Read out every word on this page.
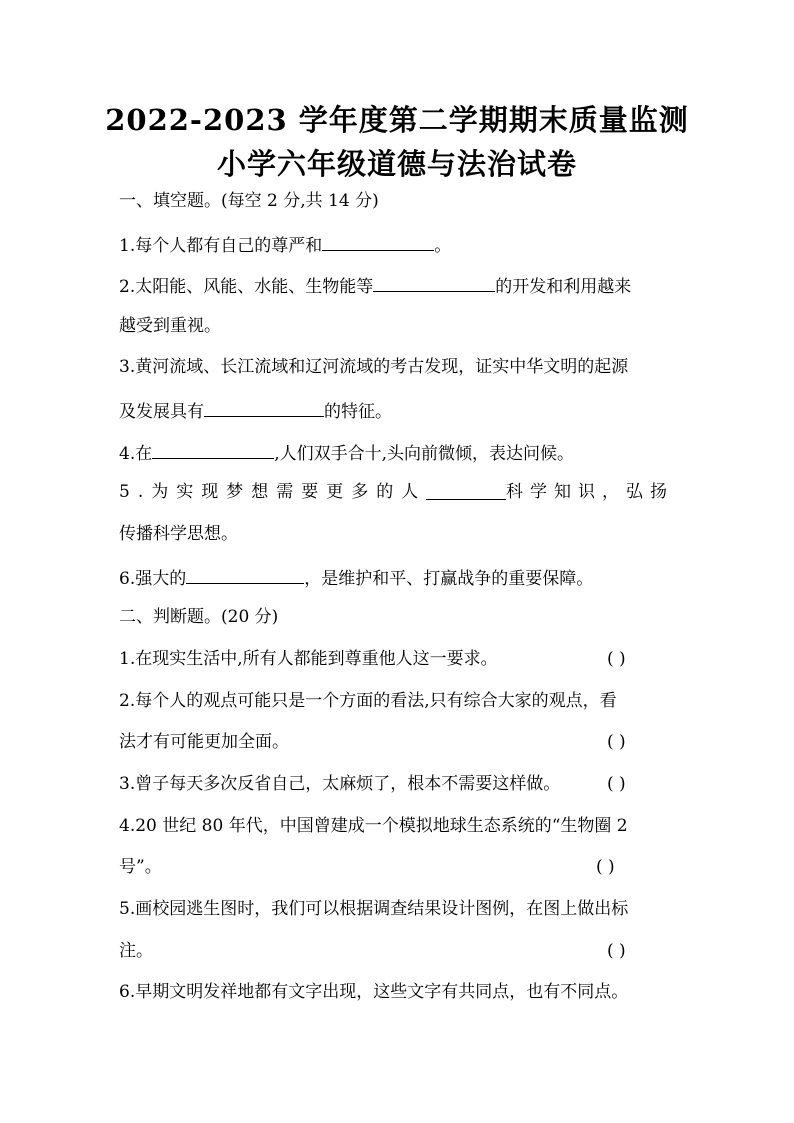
2022-2023 学年度第二学期期末质量监测
小学六年级道德与法治试卷
一、填空题。(每空 2 分,共 14 分)
1.每个人都有自己的尊严和	。
2.太阳能、风能、水能、生物能等	的开发和利用越来
越受到重视。
3.黄河流域、长江流域和辽河流域的考古发现，证实中华文明的起源
及发展具有	的特征。
4.在	,人们双手合十,头向前微倾，表达问候。
5.为实现梦想需要更多的人	科学知识，弘扬
传播科学思想。
6.强大的	，是维护和平、打赢战争的重要保障。
二、判断题。(20 分)
1.在现实生活中,所有人都能到尊重他人这一要求。	( )
2.每个人的观点可能只是一个方面的看法,只有综合大家的观点，看
法才有可能更加全面。	( )
3.曾子每天多次反省自己，太麻烦了，根本不需要这样做。	( )
4.20 世纪 80 年代，中国曾建成一个模拟地球生态系统的“生物圈 2
号”。	( )
5.画校园逃生图时，我们可以根据调查结果设计图例，在图上做出标
注。	( )
6.早期文明发祥地都有文字出现，这些文字有共同点，也有不同点。
